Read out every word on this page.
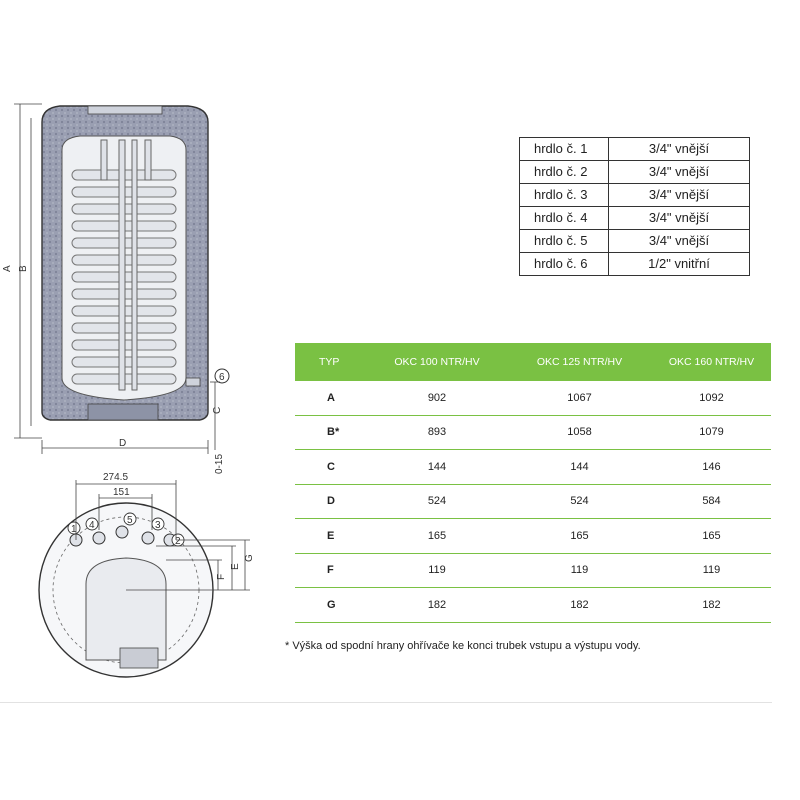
6
A B
C
D
0-15
1 4	5 3
2
274.5
151
F
E
G
hrdlo č. 1	3/4" vnější
hrdlo č. 2	3/4" vnější
hrdlo č. 3	3/4" vnější
hrdlo č. 4	3/4" vnější
hrdlo č. 5	3/4" vnější
hrdlo č. 6	1/2" vnitřní
TYP	OKC 100 NTR/HV	OKC 125 NTR/HV	OKC 160 NTR/HV
A	902	1067	1092
B*	893	1058	1079
C	144	144	146
D	524	524	584
E	165	165	165
F	119	119	119
G	182	182	182
* Výška od spodní hrany ohřívače ke konci trubek vstupu a výstupu vody.
